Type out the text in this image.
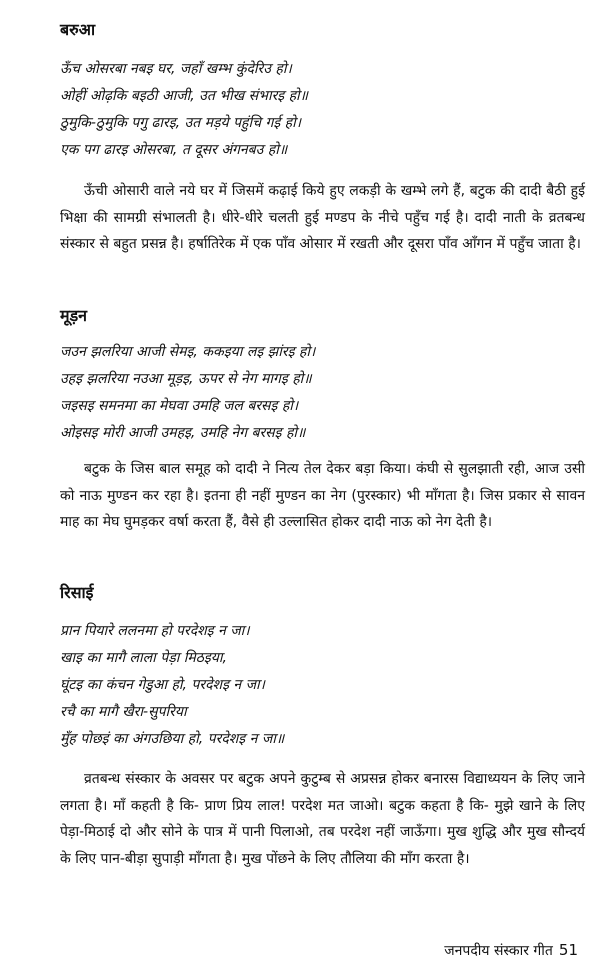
बरुआ
ऊँच ओसरबा नबइ घर, जहाँ खम्भ कुंदेरिउ हो।
ओहीं ओढ़कि बइठी आजी, उत भीख संभारइ हो॥
ठुमुकि-ठुमुकि पगु ढारइ, उत मड़ये पहुंचि गई हो।
एक पग ढारइ ओसरबा, त दूसर अंगनबउ हो॥

ऊँची ओसारी वाले नये घर में जिसमें कढ़ाई किये हुए लकड़ी के खम्भे लगे हैं, बटुक की दादी बैठी हुई भिक्षा की सामग्री संभालती है। धीरे-धीरे चलती हुई मण्डप के नीचे पहुँच गई है। दादी नाती के व्रतबन्ध संस्कार से बहुत प्रसन्न है। हर्षातिरेक में एक पाँव ओसार में रखती और दूसरा पाँव आँगन में पहुँच जाता है।

मूड़न
जउन झलरिया आजी सेमइ, ककइया लइ झांरइ हो।
उहइ झलरिया नउआ मूड़इ, ऊपर से नेग मागइ हो॥
जइसइ समनमा का मेघवा उमहि जल बरसइ हो।
ओइसइ मोरी आजी उमहइ, उमहि नेग बरसइ हो॥

बटुक के जिस बाल समूह को दादी ने नित्य तेल देकर बड़ा किया। कंघी से सुलझाती रही, आज उसी को नाऊ मुण्डन कर रहा है। इतना ही नहीं मुण्डन का नेग (पुरस्कार) भी माँगता है। जिस प्रकार से सावन माह का मेघ घुमड़कर वर्षा करता हैं, वैसे ही उल्लासित होकर दादी नाऊ को नेग देती है।

रिसाई
प्रान पियारे ललनमा हो परदेशइ न जा।
खाइ का मागै लाला पेड़ा मिठइया,
घूंटइ का कंचन गेडुआ हो, परदेशइ न जा।
रचै का मागै खैरा-सुपरिया
मुँह पोछइं का अंगउछिया हो, परदेशइ न जा॥

व्रतबन्ध संस्कार के अवसर पर बटुक अपने कुटुम्ब से अप्रसन्न होकर बनारस विद्याध्ययन के लिए जाने लगता है। माँ कहती है कि- प्राण प्रिय लाल! परदेश मत जाओ। बटुक कहता है कि- मुझे खाने के लिए पेड़ा-मिठाई दो और सोने के पात्र में पानी पिलाओ, तब परदेश नहीं जाऊँगा। मुख शुद्धि और मुख सौन्दर्य के लिए पान-बीड़ा सुपाड़ी माँगता है। मुख पोंछने के लिए तौलिया की माँग करता है।

जनपदीय संस्कार गीत 51
